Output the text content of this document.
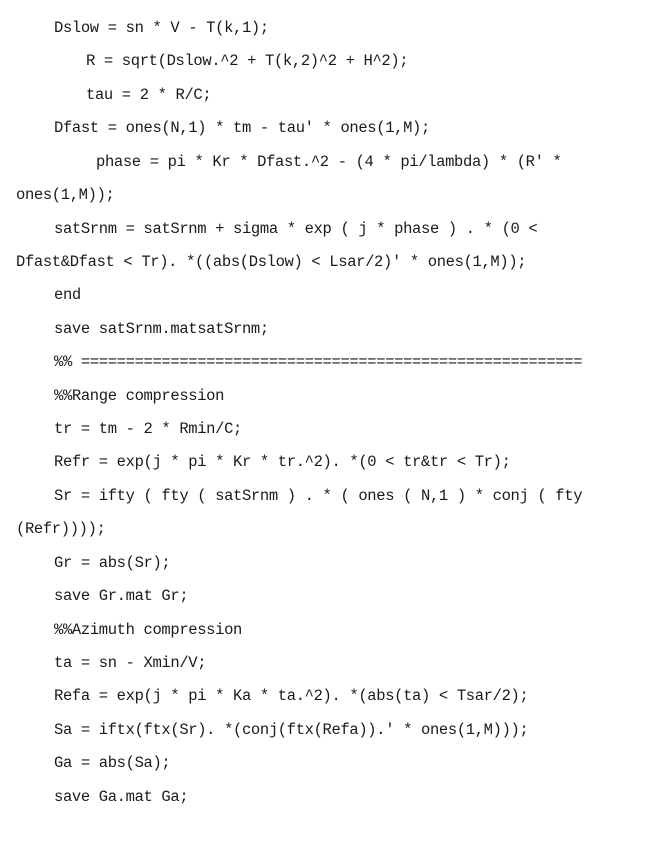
Dslow = sn * V - T(k,1);
R = sqrt(Dslow.^2 + T(k,2)^2 + H^2);
tau = 2 * R/C;
Dfast = ones(N,1) * tm - tau' * ones(1,M);
phase = pi * Kr * Dfast.^2 - (4 * pi/lambda) * (R' *
ones(1,M));
satSrnm = satSrnm + sigma * exp ( j * phase ) . * (0 <
Dfast&Dfast < Tr). *((abs(Dslow) < Lsar/2)' * ones(1,M));
end
save satSrnm.matsatSrnm;
%% ========================================================
%%Range compression
tr = tm - 2 * Rmin/C;
Refr = exp(j * pi * Kr * tr.^2). *(0 < tr&tr < Tr);
Sr = ifty ( fty ( satSrnm ) . * ( ones ( N,1 ) * conj ( fty
(Refr))));
Gr = abs(Sr);
save Gr.mat Gr;
%%Azimuth compression
ta = sn - Xmin/V;
Refa = exp(j * pi * Ka * ta.^2). *(abs(ta) < Tsar/2);
Sa = iftx(ftx(Sr). *(conj(ftx(Refa)).' * ones(1,M)));
Ga = abs(Sa);
save Ga.mat Ga;
